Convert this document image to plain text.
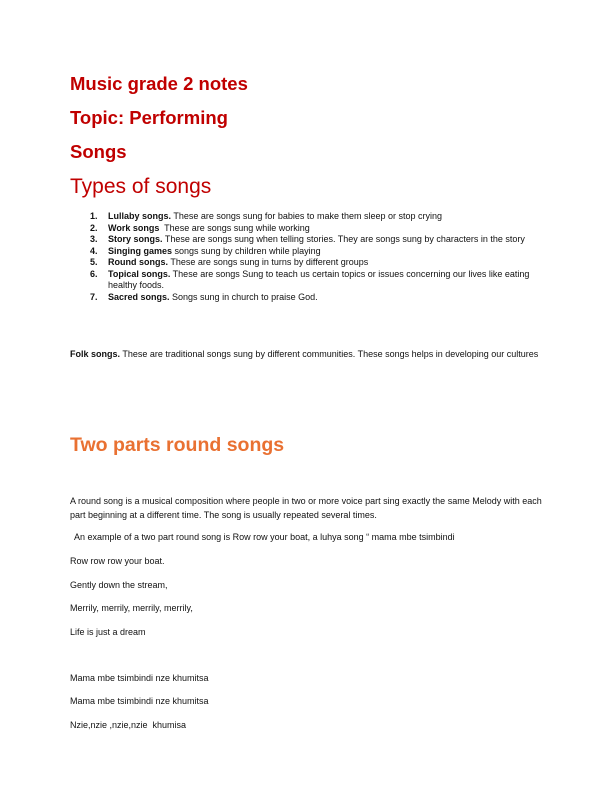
Music grade 2 notes
Topic: Performing
Songs
Types of songs
1. Lullaby songs. These are songs sung for babies to make them sleep or stop crying
2. Work songs  These are songs sung while working
3. Story songs. These are songs sung when telling stories. They are songs sung by characters in the story
4. Singing games songs sung by children while playing
5. Round songs. These are songs sung in turns by different groups
6. Topical songs. These are songs Sung to teach us certain topics or issues concerning our lives like eating healthy foods.
7. Sacred songs. Songs sung in church to praise God.
Folk songs. These are traditional songs sung by different communities. These songs helps in developing our cultures
Two parts round songs
A round song is a musical composition where people in two or more voice part sing exactly the same Melody with each part beginning at a different time. The song is usually repeated several times.
An example of a two part round song is Row row your boat, a luhya song “ mama mbe tsimbindi
Row row row your boat.
Gently down the stream,
Merrily, merrily, merrily, merrily,
Life is just a dream
Mama mbe tsimbindi nze khumitsa
Mama mbe tsimbindi nze khumitsa
Nzie,nzie ,nzie,nzie  khumisa
